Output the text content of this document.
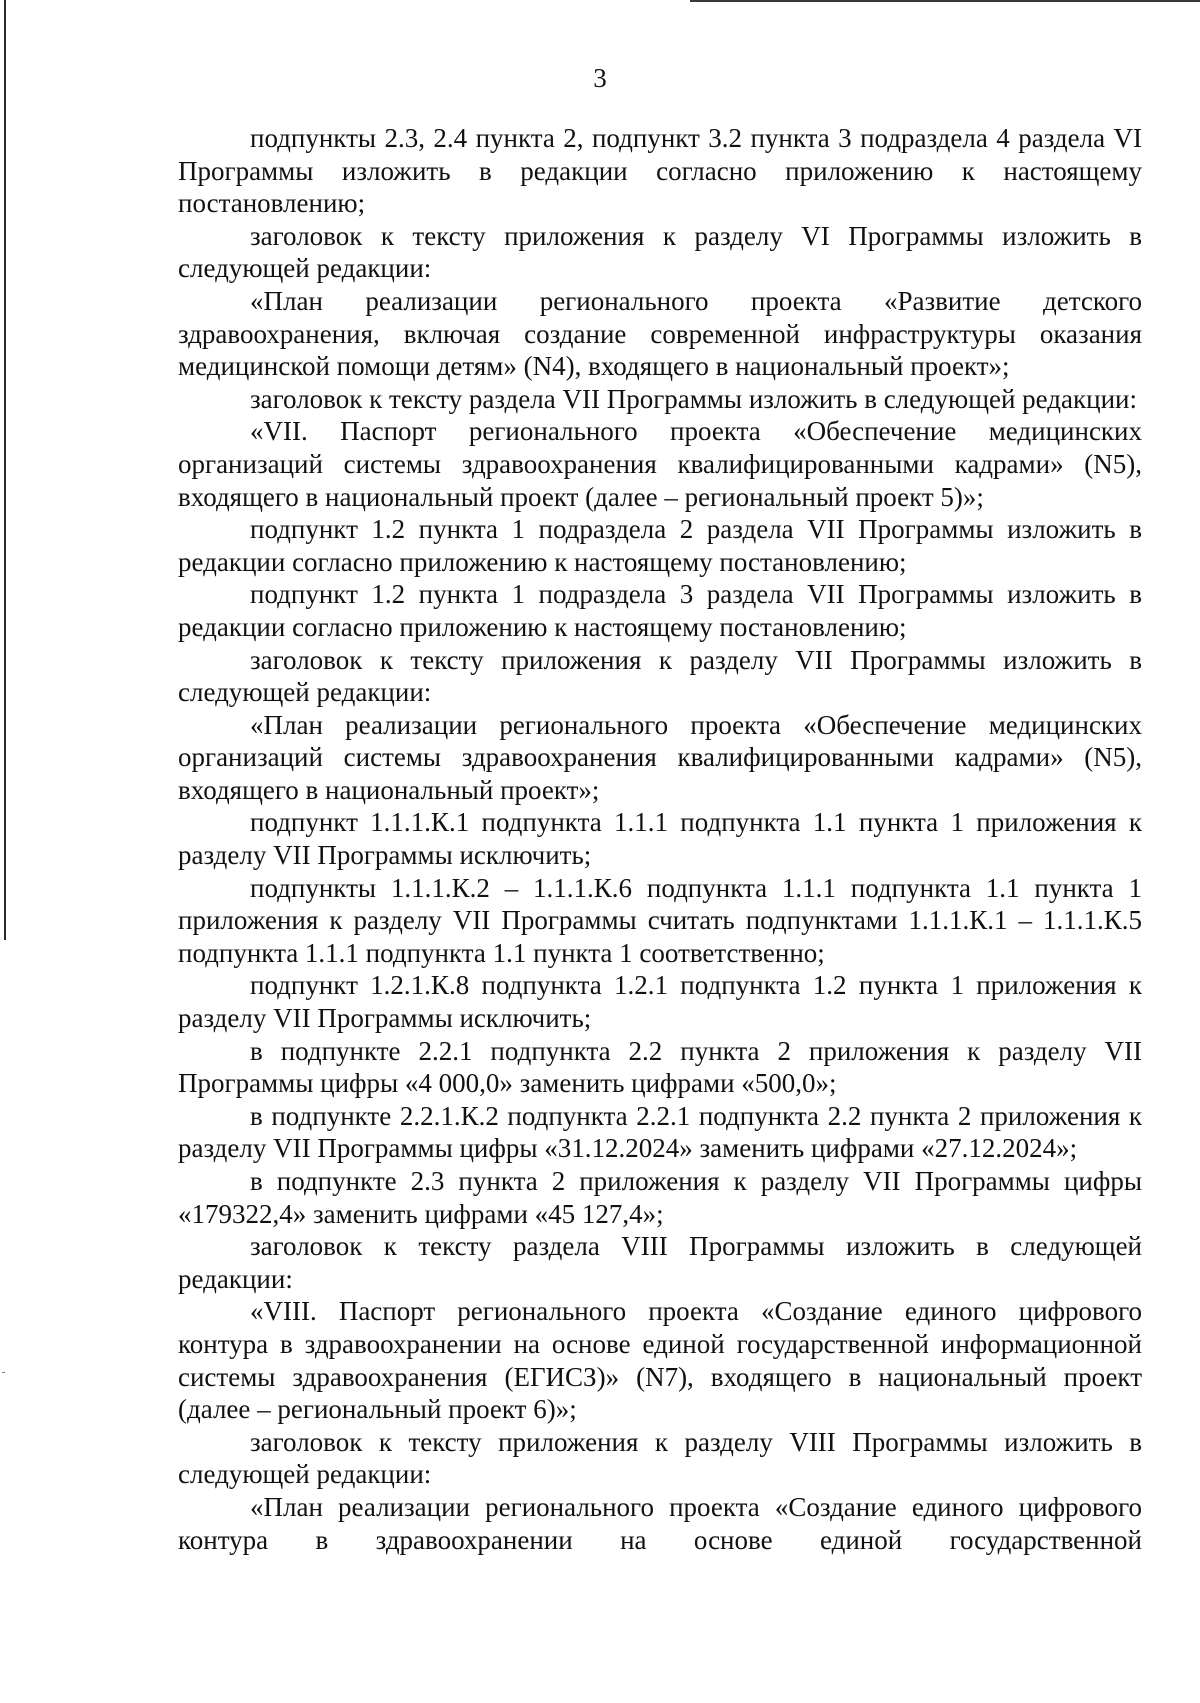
3

подпункты 2.3, 2.4 пункта 2, подпункт 3.2 пункта 3 подраздела 4 раздела VI Программы изложить в редакции согласно приложению к настоящему постановлению;

заголовок к тексту приложения к разделу VI Программы изложить в следующей редакции:

«План реализации регионального проекта «Развитие детского здравоохранения, включая создание современной инфраструктуры оказания медицинской помощи детям» (N4), входящего в национальный проект»;

заголовок к тексту раздела VII Программы изложить в следующей редакции:

«VII. Паспорт регионального проекта «Обеспечение медицинских организаций системы здравоохранения квалифицированными кадрами» (N5), входящего в национальный проект (далее – региональный проект 5)»;

подпункт 1.2 пункта 1 подраздела 2 раздела VII Программы изложить в редакции согласно приложению к настоящему постановлению;

подпункт 1.2 пункта 1 подраздела 3 раздела VII Программы изложить в редакции согласно приложению к настоящему постановлению;

заголовок к тексту приложения к разделу VII Программы изложить в следующей редакции:

«План реализации регионального проекта «Обеспечение медицинских организаций системы здравоохранения квалифицированными кадрами» (N5), входящего в национальный проект»;

подпункт 1.1.1.К.1 подпункта 1.1.1 подпункта 1.1 пункта 1 приложения к разделу VII Программы исключить;

подпункты 1.1.1.К.2 – 1.1.1.К.6 подпункта 1.1.1 подпункта 1.1 пункта 1 приложения к разделу VII Программы считать подпунктами 1.1.1.К.1 – 1.1.1.К.5 подпункта 1.1.1 подпункта 1.1 пункта 1 соответственно;

подпункт 1.2.1.К.8 подпункта 1.2.1 подпункта 1.2 пункта 1 приложения к разделу VII Программы исключить;

в подпункте 2.2.1 подпункта 2.2 пункта 2 приложения к разделу VII Программы цифры «4 000,0» заменить цифрами «500,0»;

в подпункте 2.2.1.К.2 подпункта 2.2.1 подпункта 2.2 пункта 2 приложения к разделу VII Программы цифры «31.12.2024» заменить цифрами «27.12.2024»;

в подпункте 2.3 пункта 2 приложения к разделу VII Программы цифры «179322,4» заменить цифрами «45 127,4»;

заголовок к тексту раздела VIII Программы изложить в следующей редакции:

«VIII. Паспорт регионального проекта «Создание единого цифрового контура в здравоохранении на основе единой государственной информационной системы здравоохранения (ЕГИСЗ)» (N7), входящего в национальный проект (далее – региональный проект 6)»;

заголовок к тексту приложения к разделу VIII Программы изложить в следующей редакции:

«План реализации регионального проекта «Создание единого цифрового контура в здравоохранении на основе единой государственной
